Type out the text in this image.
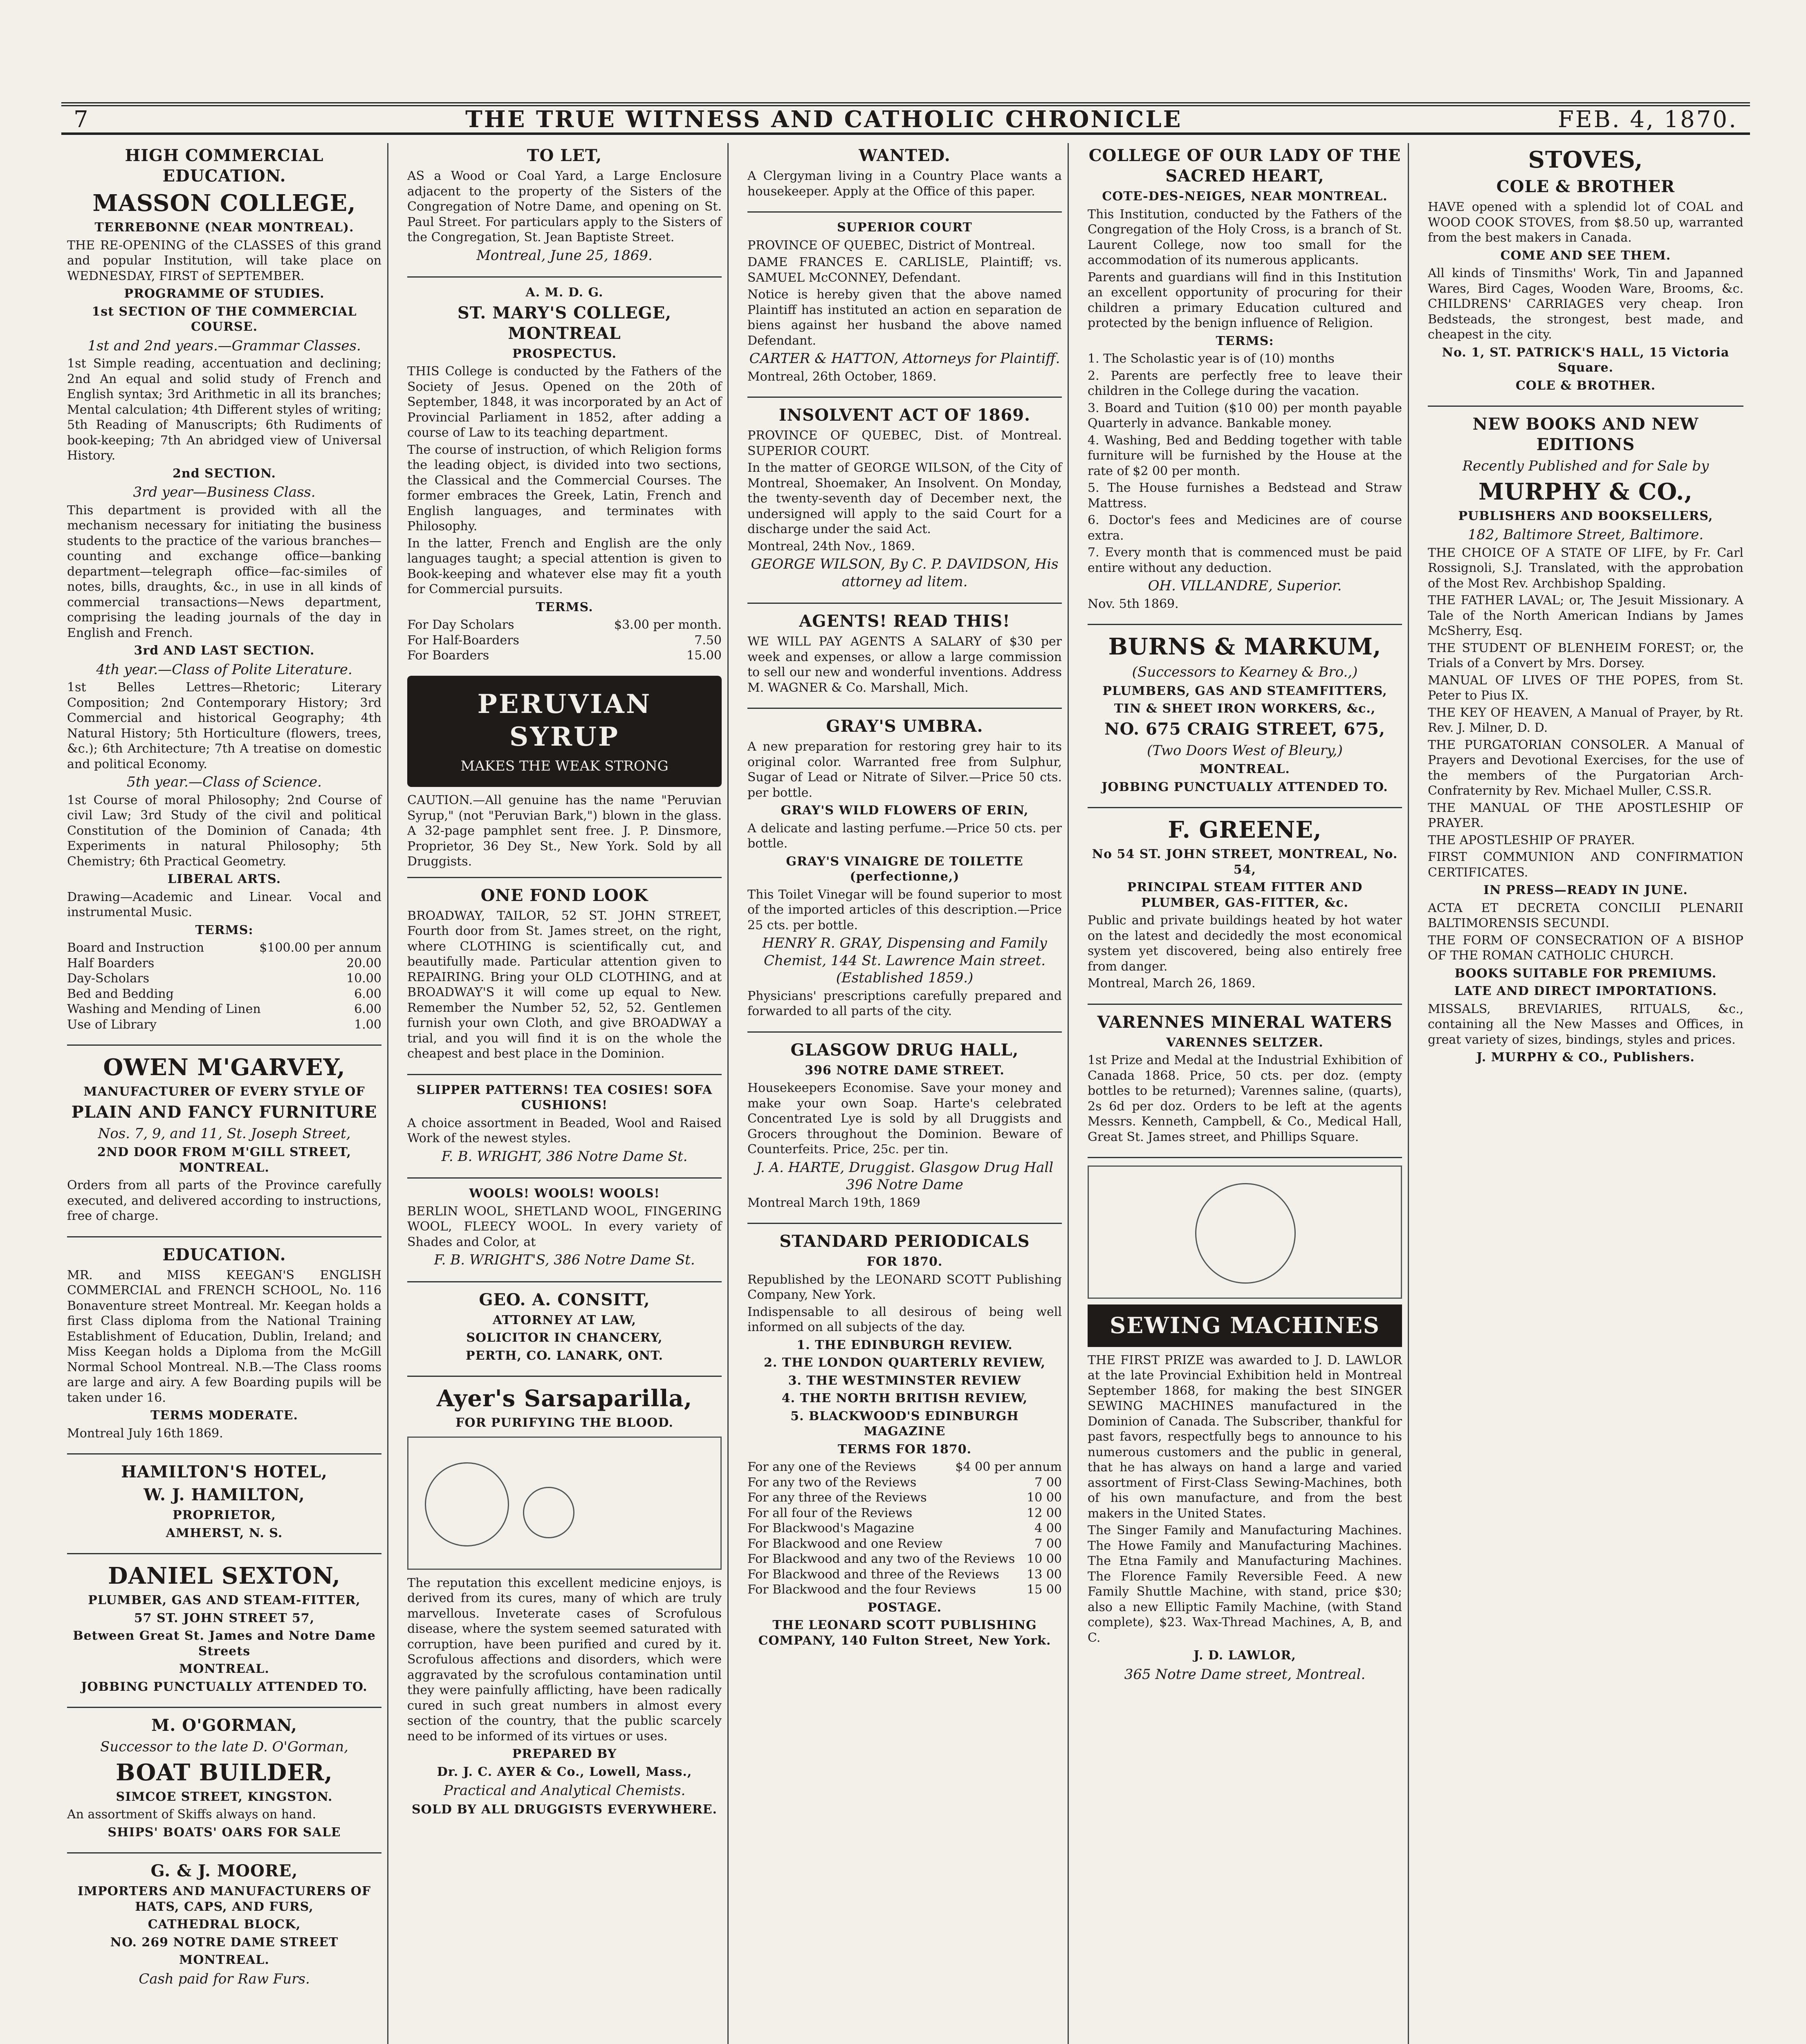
7	THE TRUE WITNESS AND CATHOLIC CHRONICLE	FEB. 4, 1870.
HIGH COMMERCIAL EDUCATION.
MASSON COLLEGE,
TERREBONNE (NEAR MONTREAL).

THE RE-OPENING of the CLASSES of this grand and popular Institution, will take place on WEDNESDAY, FIRST of SEPTEMBER.

PROGRAMME OF STUDIES.
1st SECTION OF THE COMMERCIAL COURSE.
1st and 2nd years.—Grammar Classes.

1st Simple reading, accentuation and declining; 2nd An equal and solid study of French and English syntax; 3rd Arithmetic in all its branches; Mental calculation; 4th Different styles of writing; 5th Reading of Manuscripts; 6th Rudiments of book-keeping; 7th An abridged view of Universal History.

2nd SECTION.
3rd year—Business Class.

This department is provided with all the mechanism necessary for initiating the business students to the practice of the various branches—counting and exchange office—banking department—telegraph office—fac-similes of notes, bills, draughts, &c., in use in all kinds of commercial transactions—News department, comprising the leading journals of the day in English and French.

3rd AND LAST SECTION.
4th year.—Class of Polite Literature.

1st Belles Lettres—Rhetoric; Literary Composition; 2nd Contemporary History; 3rd Commercial and historical Geography; 4th Natural History; 5th Horticulture (flowers, trees, &c.); 6th Architecture; 7th A treatise on domestic and political Economy.

5th year.—Class of Science.

1st Course of moral Philosophy; 2nd Course of civil Law; 3rd Study of the civil and political Constitution of the Dominion of Canada; 4th Experiments in natural Philosophy; 5th Chemistry; 6th Practical Geometry.

LIBERAL ARTS.

Drawing—Academic and Linear. Vocal and instrumental Music.

TERMS:
Board and Instruction	$100.00 per annum
Half Boarders	20.00
Day-Scholars	10.00
Bed and Bedding	6.00
Washing and Mending of Linen	6.00
Use of Library	1.00
OWEN M'GARVEY,
MANUFACTURER OF EVERY STYLE OF
PLAIN AND FANCY FURNITURE
Nos. 7, 9, and 11, St. Joseph Street,
2ND DOOR FROM M'GILL STREET, MONTREAL.

Orders from all parts of the Province carefully executed, and delivered according to instructions, free of charge.

EDUCATION.

MR. and MISS KEEGAN'S ENGLISH COMMERCIAL and FRENCH SCHOOL, No. 116 Bonaventure street Montreal. Mr. Keegan holds a first Class diploma from the National Training Establishment of Education, Dublin, Ireland; and Miss Keegan holds a Diploma from the McGill Normal School Montreal. N.B.—The Class rooms are large and airy. A few Boarding pupils will be taken under 16.

TERMS MODERATE.

Montreal July 16th 1869.

HAMILTON'S HOTEL,
W. J. HAMILTON,
PROPRIETOR,
AMHERST, N. S.
DANIEL SEXTON,
PLUMBER, GAS AND STEAM-FITTER,
57 ST. JOHN STREET 57,
Between Great St. James and Notre Dame Streets
MONTREAL.
JOBBING PUNCTUALLY ATTENDED TO.
M. O'GORMAN,
Successor to the late D. O'Gorman,
BOAT BUILDER,
SIMCOE STREET, KINGSTON.

An assortment of Skiffs always on hand.

SHIPS' BOATS' OARS FOR SALE
G. & J. MOORE,
IMPORTERS AND MANUFACTURERS OF HATS, CAPS, AND FURS,
CATHEDRAL BLOCK,
NO. 269 NOTRE DAME STREET
MONTREAL.
Cash paid for Raw Furs.
TO LET,

AS a Wood or Coal Yard, a Large Enclosure adjacent to the property of the Sisters of the Congregation of Notre Dame, and opening on St. Paul Street. For particulars apply to the Sisters of the Congregation, St. Jean Baptiste Street.

Montreal, June 25, 1869.

A. M. D. G.
ST. MARY'S COLLEGE, MONTREAL
PROSPECTUS.

THIS College is conducted by the Fathers of the Society of Jesus. Opened on the 20th of September, 1848, it was incorporated by an Act of Provincial Parliament in 1852, after adding a course of Law to its teaching department.

The course of instruction, of which Religion forms the leading object, is divided into two sections, the Classical and the Commercial Courses. The former embraces the Greek, Latin, French and English languages, and terminates with Philosophy.

In the latter, French and English are the only languages taught; a special attention is given to Book-keeping and whatever else may fit a youth for Commercial pursuits.

TERMS.
For Day Scholars	$3.00 per month.
For Half-Boarders	7.50
For Boarders	15.00
PERUVIAN
SYRUP
MAKES THE WEAK STRONG

CAUTION.—All genuine has the name "Peruvian Syrup," (not "Peruvian Bark,") blown in the glass. A 32-page pamphlet sent free. J. P. Dinsmore, Proprietor, 36 Dey St., New York. Sold by all Druggists.

ONE FOND LOOK

BROADWAY, TAILOR, 52 ST. JOHN STREET, Fourth door from St. James street, on the right, where CLOTHING is scientifically cut, and beautifully made. Particular attention given to REPAIRING. Bring your OLD CLOTHING, and at BROADWAY'S it will come up equal to New. Remember the Number 52, 52, 52. Gentlemen furnish your own Cloth, and give BROADWAY a trial, and you will find it is on the whole the cheapest and best place in the Dominion.

SLIPPER PATTERNS! TEA COSIES! SOFA CUSHIONS!

A choice assortment in Beaded, Wool and Raised Work of the newest styles.

F. B. WRIGHT, 386 Notre Dame St.

WOOLS! WOOLS! WOOLS!

BERLIN WOOL, SHETLAND WOOL, FINGERING WOOL, FLEECY WOOL. In every variety of Shades and Color, at

F. B. WRIGHT'S, 386 Notre Dame St.

GEO. A. CONSITT,
ATTORNEY AT LAW,
SOLICITOR IN CHANCERY,
PERTH, CO. LANARK, ONT.
Ayer's Sarsaparilla,
FOR PURIFYING THE BLOOD.

The reputation this excellent medicine enjoys, is derived from its cures, many of which are truly marvellous. Inveterate cases of Scrofulous disease, where the system seemed saturated with corruption, have been purified and cured by it. Scrofulous affections and disorders, which were aggravated by the scrofulous contamination until they were painfully afflicting, have been radically cured in such great numbers in almost every section of the country, that the public scarcely need to be informed of its virtues or uses.

PREPARED BY
Dr. J. C. AYER & Co., Lowell, Mass.,
Practical and Analytical Chemists.
SOLD BY ALL DRUGGISTS EVERYWHERE.
WANTED.

A Clergyman living in a Country Place wants a housekeeper. Apply at the Office of this paper.

SUPERIOR COURT

PROVINCE OF QUEBEC, District of Montreal.

DAME FRANCES E. CARLISLE, Plaintiff; vs. SAMUEL McCONNEY, Defendant.

Notice is hereby given that the above named Plaintiff has instituted an action en separation de biens against her husband the above named Defendant.

CARTER & HATTON, Attorneys for Plaintiff.

Montreal, 26th October, 1869.

INSOLVENT ACT OF 1869.

PROVINCE OF QUEBEC, Dist. of Montreal. SUPERIOR COURT.

In the matter of GEORGE WILSON, of the City of Montreal, Shoemaker, An Insolvent. On Monday, the twenty-seventh day of December next, the undersigned will apply to the said Court for a discharge under the said Act.

Montreal, 24th Nov., 1869.

GEORGE WILSON, By C. P. DAVIDSON, His attorney ad litem.

AGENTS! READ THIS!

WE WILL PAY AGENTS A SALARY of $30 per week and expenses, or allow a large commission to sell our new and wonderful inventions. Address M. WAGNER & Co. Marshall, Mich.

GRAY'S UMBRA.

A new preparation for restoring grey hair to its original color. Warranted free from Sulphur, Sugar of Lead or Nitrate of Silver.—Price 50 cts. per bottle.

GRAY'S WILD FLOWERS OF ERIN,

A delicate and lasting perfume.—Price 50 cts. per bottle.

GRAY'S VINAIGRE DE TOILETTE (perfectionne,)

This Toilet Vinegar will be found superior to most of the imported articles of this description.—Price 25 cts. per bottle.

HENRY R. GRAY, Dispensing and Family Chemist, 144 St. Lawrence Main street. (Established 1859.)

Physicians' prescriptions carefully prepared and forwarded to all parts of the city.

GLASGOW DRUG HALL,
396 NOTRE DAME STREET.

Housekeepers Economise. Save your money and make your own Soap. Harte's celebrated Concentrated Lye is sold by all Druggists and Grocers throughout the Dominion. Beware of Counterfeits. Price, 25c. per tin.

J. A. HARTE, Druggist. Glasgow Drug Hall 396 Notre Dame

Montreal March 19th, 1869

STANDARD PERIODICALS
FOR 1870.

Republished by the LEONARD SCOTT Publishing Company, New York.

Indispensable to all desirous of being well informed on all subjects of the day.

1. THE EDINBURGH REVIEW.
2. THE LONDON QUARTERLY REVIEW,
3. THE WESTMINSTER REVIEW
4. THE NORTH BRITISH REVIEW,
5. BLACKWOOD'S EDINBURGH MAGAZINE
TERMS FOR 1870.
For any one of the Reviews	$4 00 per annum
For any two of the Reviews	7 00
For any three of the Reviews	10 00
For all four of the Reviews	12 00
For Blackwood's Magazine	4 00
For Blackwood and one Review	7 00
For Blackwood and any two of the Reviews 10 00
For Blackwood and three of the Reviews 13 00
For Blackwood and the four Reviews	15 00
POSTAGE.
THE LEONARD SCOTT PUBLISHING COMPANY, 140 Fulton Street, New York.
COLLEGE OF OUR LADY OF THE SACRED HEART,
COTE-DES-NEIGES, NEAR MONTREAL.

This Institution, conducted by the Fathers of the Congregation of the Holy Cross, is a branch of St. Laurent College, now too small for the accommodation of its numerous applicants.

Parents and guardians will find in this Institution an excellent opportunity of procuring for their children a primary Education cultured and protected by the benign influence of Religion.

TERMS:

1. The Scholastic year is of (10) months

2. Parents are perfectly free to leave their children in the College during the vacation.

3. Board and Tuition ($10 00) per month payable Quarterly in advance. Bankable money.

4. Washing, Bed and Bedding together with table furniture will be furnished by the House at the rate of $2 00 per month.

5. The House furnishes a Bedstead and Straw Mattress.

6. Doctor's fees and Medicines are of course extra.

7. Every month that is commenced must be paid entire without any deduction.

OH. VILLANDRE, Superior.

Nov. 5th 1869.

BURNS & MARKUM,
(Successors to Kearney & Bro.,)
PLUMBERS, GAS AND STEAMFITTERS,
TIN & SHEET IRON WORKERS, &c.,
NO. 675 CRAIG STREET, 675,
(Two Doors West of Bleury,)
MONTREAL.
JOBBING PUNCTUALLY ATTENDED TO.
F. GREENE,
No 54 ST. JOHN STREET, MONTREAL, No. 54,
PRINCIPAL STEAM FITTER AND PLUMBER, GAS-FITTER, &c.

Public and private buildings heated by hot water on the latest and decidedly the most economical system yet discovered, being also entirely free from danger.

Montreal, March 26, 1869.

VARENNES MINERAL WATERS
VARENNES SELTZER.

1st Prize and Medal at the Industrial Exhibition of Canada 1868. Price, 50 cts. per doz. (empty bottles to be returned); Varennes saline, (quarts), 2s 6d per doz. Orders to be left at the agents Messrs. Kenneth, Campbell, & Co., Medical Hall, Great St. James street, and Phillips Square.

SEWING MACHINES

THE FIRST PRIZE was awarded to J. D. LAWLOR at the late Provincial Exhibition held in Montreal September 1868, for making the best SINGER SEWING MACHINES manufactured in the Dominion of Canada. The Subscriber, thankful for past favors, respectfully begs to announce to his numerous customers and the public in general, that he has always on hand a large and varied assortment of First-Class Sewing-Machines, both of his own manufacture, and from the best makers in the United States.

The Singer Family and Manufacturing Machines. The Howe Family and Manufacturing Machines. The Etna Family and Manufacturing Machines. The Florence Family Reversible Feed. A new Family Shuttle Machine, with stand, price $30; also a new Elliptic Family Machine, (with Stand complete), $23. Wax-Thread Machines, A, B, and C.

J. D. LAWLOR,
365 Notre Dame street, Montreal.
STOVES,
COLE & BROTHER

HAVE opened with a splendid lot of COAL and WOOD COOK STOVES, from $8.50 up, warranted from the best makers in Canada.

COME AND SEE THEM.

All kinds of Tinsmiths' Work, Tin and Japanned Wares, Bird Cages, Wooden Ware, Brooms, &c. CHILDRENS' CARRIAGES very cheap. Iron Bedsteads, the strongest, best made, and cheapest in the city.

No. 1, ST. PATRICK'S HALL, 15 Victoria Square.
COLE & BROTHER.
NEW BOOKS AND NEW EDITIONS
Recently Published and for Sale by
MURPHY & CO.,
PUBLISHERS AND BOOKSELLERS,
182, Baltimore Street, Baltimore.

THE CHOICE OF A STATE OF LIFE, by Fr. Carl Rossignoli, S.J. Translated, with the approbation of the Most Rev. Archbishop Spalding.

THE FATHER LAVAL; or, The Jesuit Missionary. A Tale of the North American Indians by James McSherry, Esq.

THE STUDENT OF BLENHEIM FOREST; or, the Trials of a Convert by Mrs. Dorsey.

MANUAL OF LIVES OF THE POPES, from St. Peter to Pius IX.

THE KEY OF HEAVEN, A Manual of Prayer, by Rt. Rev. J. Milner, D. D.

THE PURGATORIAN CONSOLER. A Manual of Prayers and Devotional Exercises, for the use of the members of the Purgatorian Arch-Confraternity by Rev. Michael Muller, C.SS.R.

THE MANUAL OF THE APOSTLESHIP OF PRAYER.

THE APOSTLESHIP OF PRAYER.

FIRST COMMUNION AND CONFIRMATION CERTIFICATES.

IN PRESS—READY IN JUNE.

ACTA ET DECRETA CONCILII PLENARII BALTIMORENSIS SECUNDI.

THE FORM OF CONSECRATION OF A BISHOP OF THE ROMAN CATHOLIC CHURCH.

BOOKS SUITABLE FOR PREMIUMS.
LATE AND DIRECT IMPORTATIONS.

MISSALS, BREVIARIES, RITUALS, &c., containing all the New Masses and Offices, in great variety of sizes, bindings, styles and prices.

J. MURPHY & CO., Publishers.
